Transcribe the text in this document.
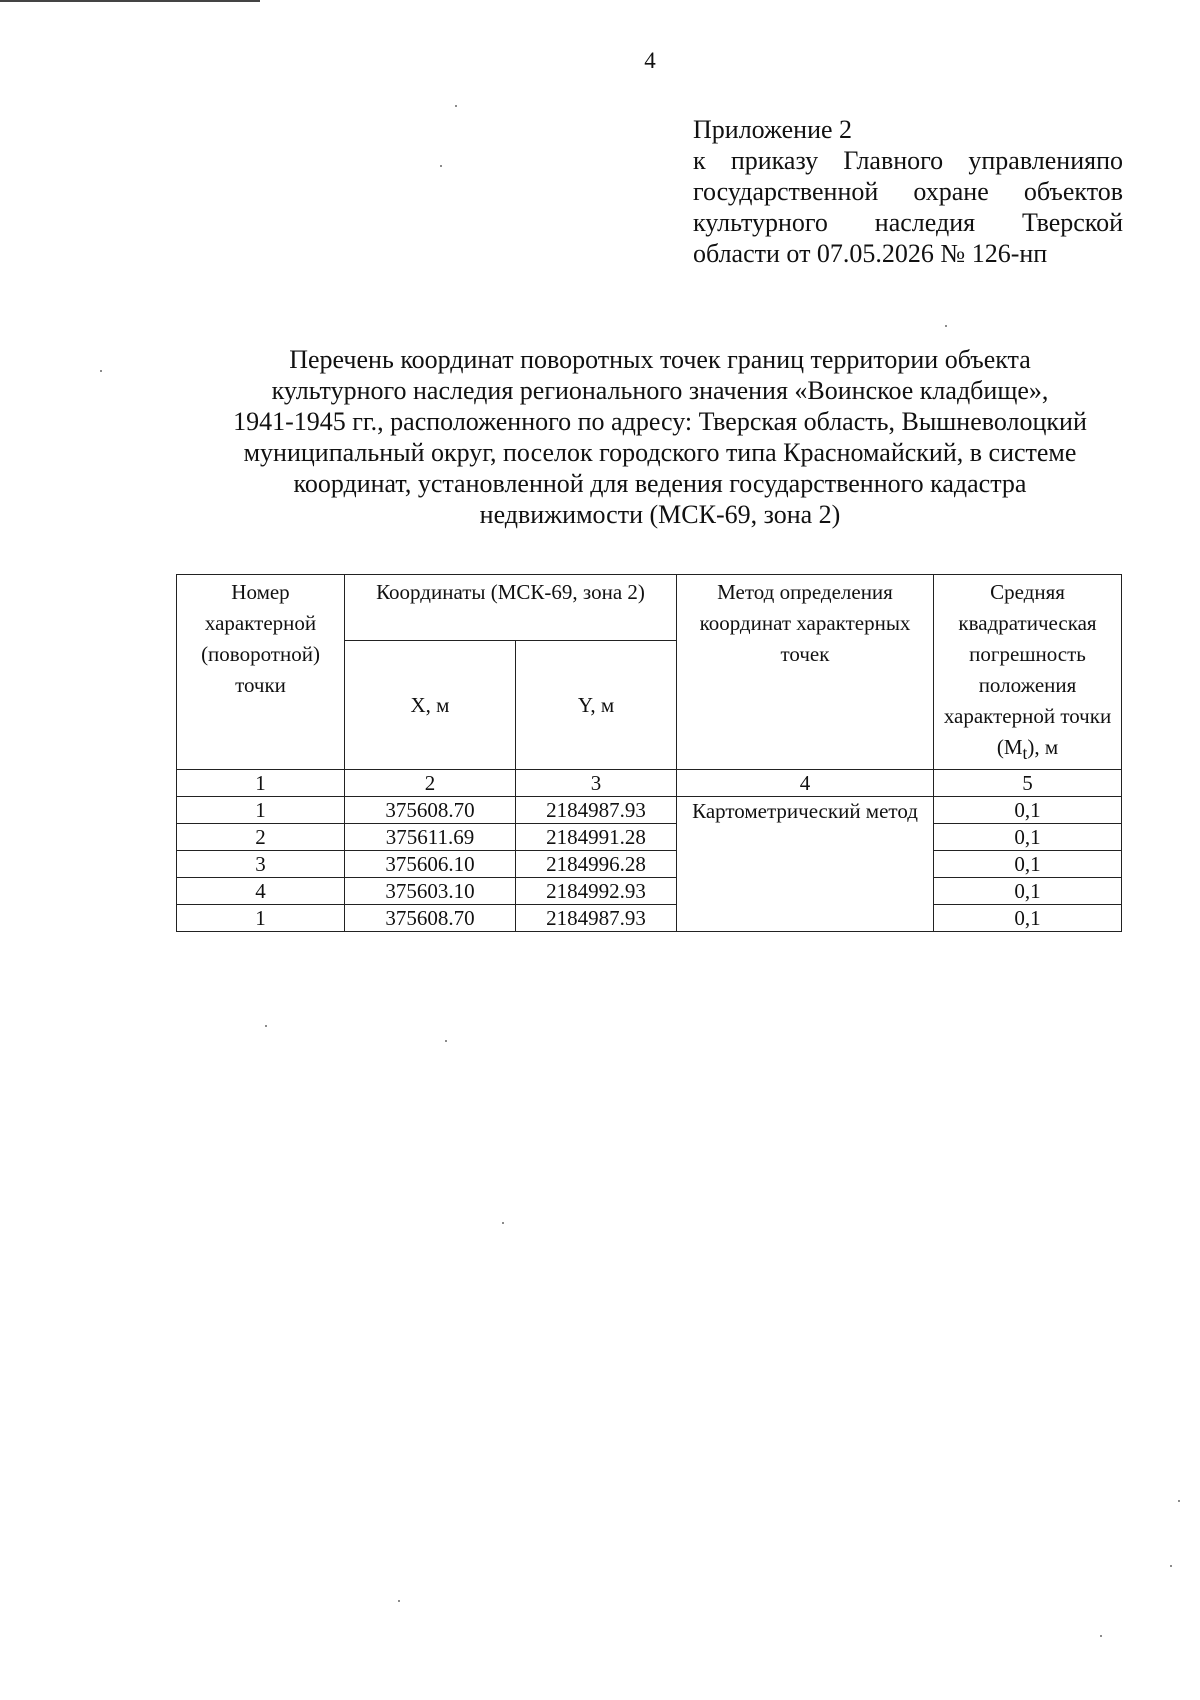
4
Приложение 2
к приказу Главного управленияпо государственной охране объектов культурного наследия Тверской области от 07.05.2026 № 126-нп
Перечень координат поворотных точек границ территории объекта
культурного наследия регионального значения «Воинское кладбище»,
1941-1945 гг., расположенного по адресу: Тверская область, Вышневолоцкий
муниципальный округ, поселок городского типа Красномайский, в системе
координат, установленной для ведения государственного кадастра
недвижимости (МСК-69, зона 2)
Номер характерной (поворотной) точки	Координаты (МСК-69, зона 2)		Метод определения координат характерных точек	Средняя квадратическая погрешность положения характерной точки $(M_t)$, м
	X, м	Y, м		
1	2	3	4	5
1	375608.70	2184987.93	Картометрический метод	0,1
2	375611.69	2184991.28		0,1
3	375606.10	2184996.28		0,1
4	375603.10	2184992.93		0,1
1	375608.70	2184987.93		0,1
